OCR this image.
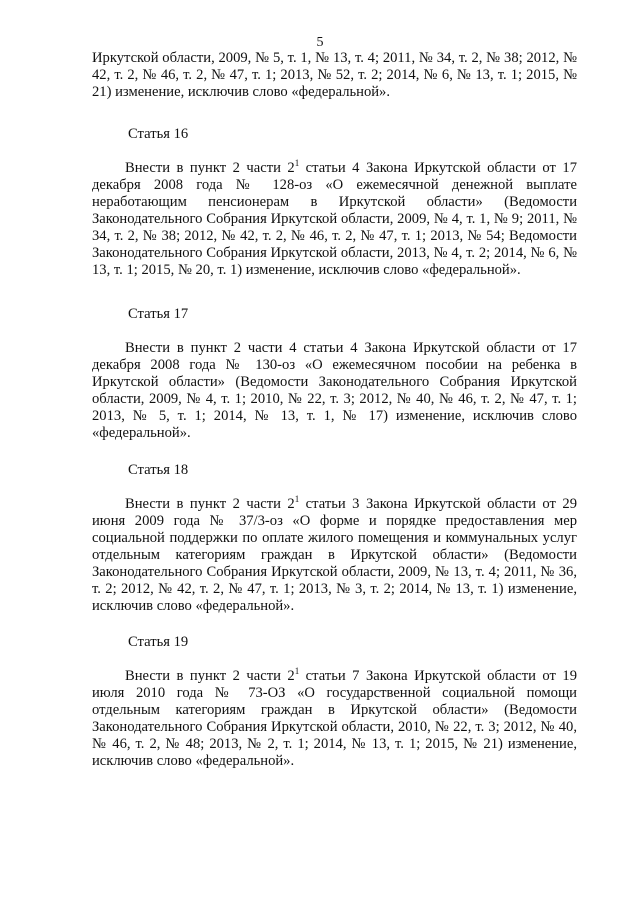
5

Иркутской области, 2009, № 5, т. 1, № 13, т. 4; 2011, № 34, т. 2, № 38; 2012, № 42, т. 2, № 46, т. 2, № 47, т. 1; 2013, № 52, т. 2; 2014, № 6, № 13, т. 1; 2015, № 21) изменение, исключив слово «федеральной».

Статья 16

Внести в пункт 2 части $2^1$ статьи 4 Закона Иркутской области от 17 декабря 2008 года № 128-оз «О ежемесячной денежной выплате неработающим пенсионерам в Иркутской области» (Ведомости Законодательного Собрания Иркутской области, 2009, № 4, т. 1, № 9; 2011, № 34, т. 2, № 38; 2012, № 42, т. 2, № 46, т. 2, № 47, т. 1; 2013, № 54; Ведомости Законодательного Собрания Иркутской области, 2013, № 4, т. 2; 2014, № 6, № 13, т. 1; 2015, № 20, т. 1) изменение, исключив слово «федеральной».

Статья 17

Внести в пункт 2 части 4 статьи 4 Закона Иркутской области от 17 декабря 2008 года № 130-оз «О ежемесячном пособии на ребенка в Иркутской области» (Ведомости Законодательного Собрания Иркутской области, 2009, № 4, т. 1; 2010, № 22, т. 3; 2012, № 40, № 46, т. 2, № 47, т. 1; 2013, № 5, т. 1; 2014, № 13, т. 1, № 17) изменение, исключив слово «федеральной».

Статья 18

Внести в пункт 2 части $2^1$ статьи 3 Закона Иркутской области от 29 июня 2009 года № 37/3-оз «О форме и порядке предоставления мер социальной поддержки по оплате жилого помещения и коммунальных услуг отдельным категориям граждан в Иркутской области» (Ведомости Законодательного Собрания Иркутской области, 2009, № 13, т. 4; 2011, № 36, т. 2; 2012, № 42, т. 2, № 47, т. 1; 2013, № 3, т. 2; 2014, № 13, т. 1) изменение, исключив слово «федеральной».

Статья 19

Внести в пункт 2 части $2^1$ статьи 7 Закона Иркутской области от 19 июля 2010 года № 73-ОЗ «О государственной социальной помощи отдельным категориям граждан в Иркутской области» (Ведомости Законодательного Собрания Иркутской области, 2010, № 22, т. 3; 2012, № 40, № 46, т. 2, № 48; 2013, № 2, т. 1; 2014, № 13, т. 1; 2015, № 21) изменение, исключив слово «федеральной».
